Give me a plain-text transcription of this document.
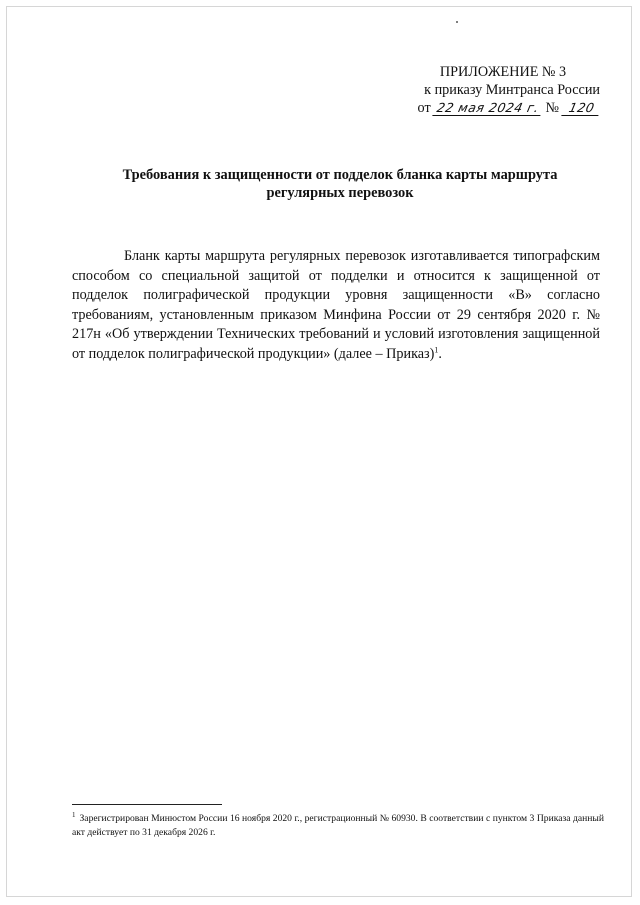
ПРИЛОЖЕНИЕ № 3
к приказу Минтранса России
от 22 мая 2024 г. № 120
Требования к защищенности от подделок бланка карты маршрута
регулярных перевозок

Бланк карты маршрута регулярных перевозок изготавливается типографским способом со специальной защитой от подделки и относится к защищенной от подделок полиграфической продукции уровня защищенности «В» согласно требованиям, установленным приказом Минфина России от 29 сентября 2020 г. № 217н «Об утверждении Технических требований и условий изготовления защищенной от подделок полиграфической продукции» (далее – Приказ)$^1$.

$^1$ Зарегистрирован Минюстом России 16 ноября 2020 г., регистрационный № 60930. В соответствии с пунктом 3 Приказа данный акт действует по 31 декабря 2026 г.
